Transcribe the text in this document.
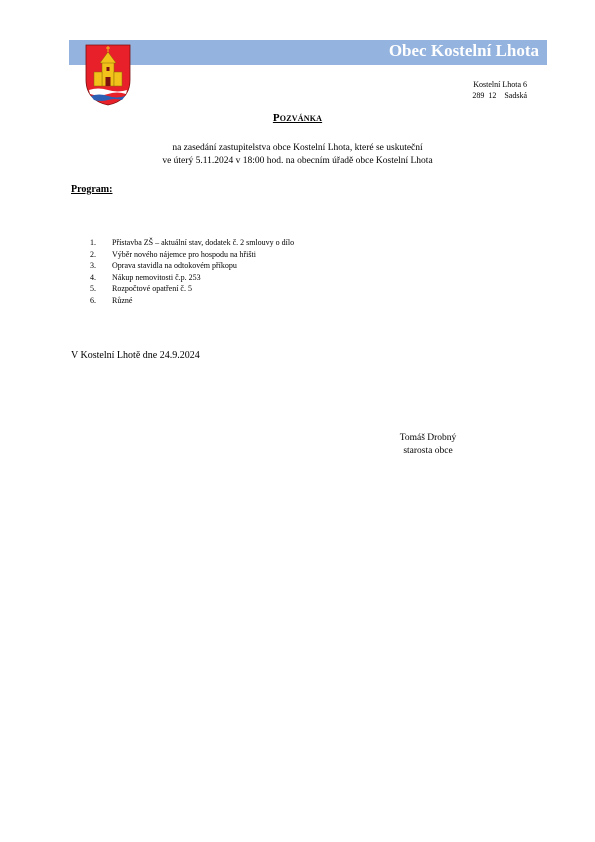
Obec Kostelní Lhota
Kostelní Lhota 6
289  12    Sadská
Pozvánka
na zasedání zastupitelstva obce Kostelní Lhota, které se uskuteční
ve úterý 5.11.2024 v 18:00 hod. na obecním úřadě obce Kostelní Lhota
Program:
1. Přístavba ZŠ – aktuální stav, dodatek č. 2 smlouvy o dílo
2. Výběr nového nájemce pro hospodu na hřišti
3. Oprava stavidla na odtokovém příkopu
4. Nákup nemovitosti č.p. 253
5. Rozpočtové opatření č. 5
6. Různé
V Kostelní Lhotě dne 24.9.2024
Tomáš Drobný
starosta obce
